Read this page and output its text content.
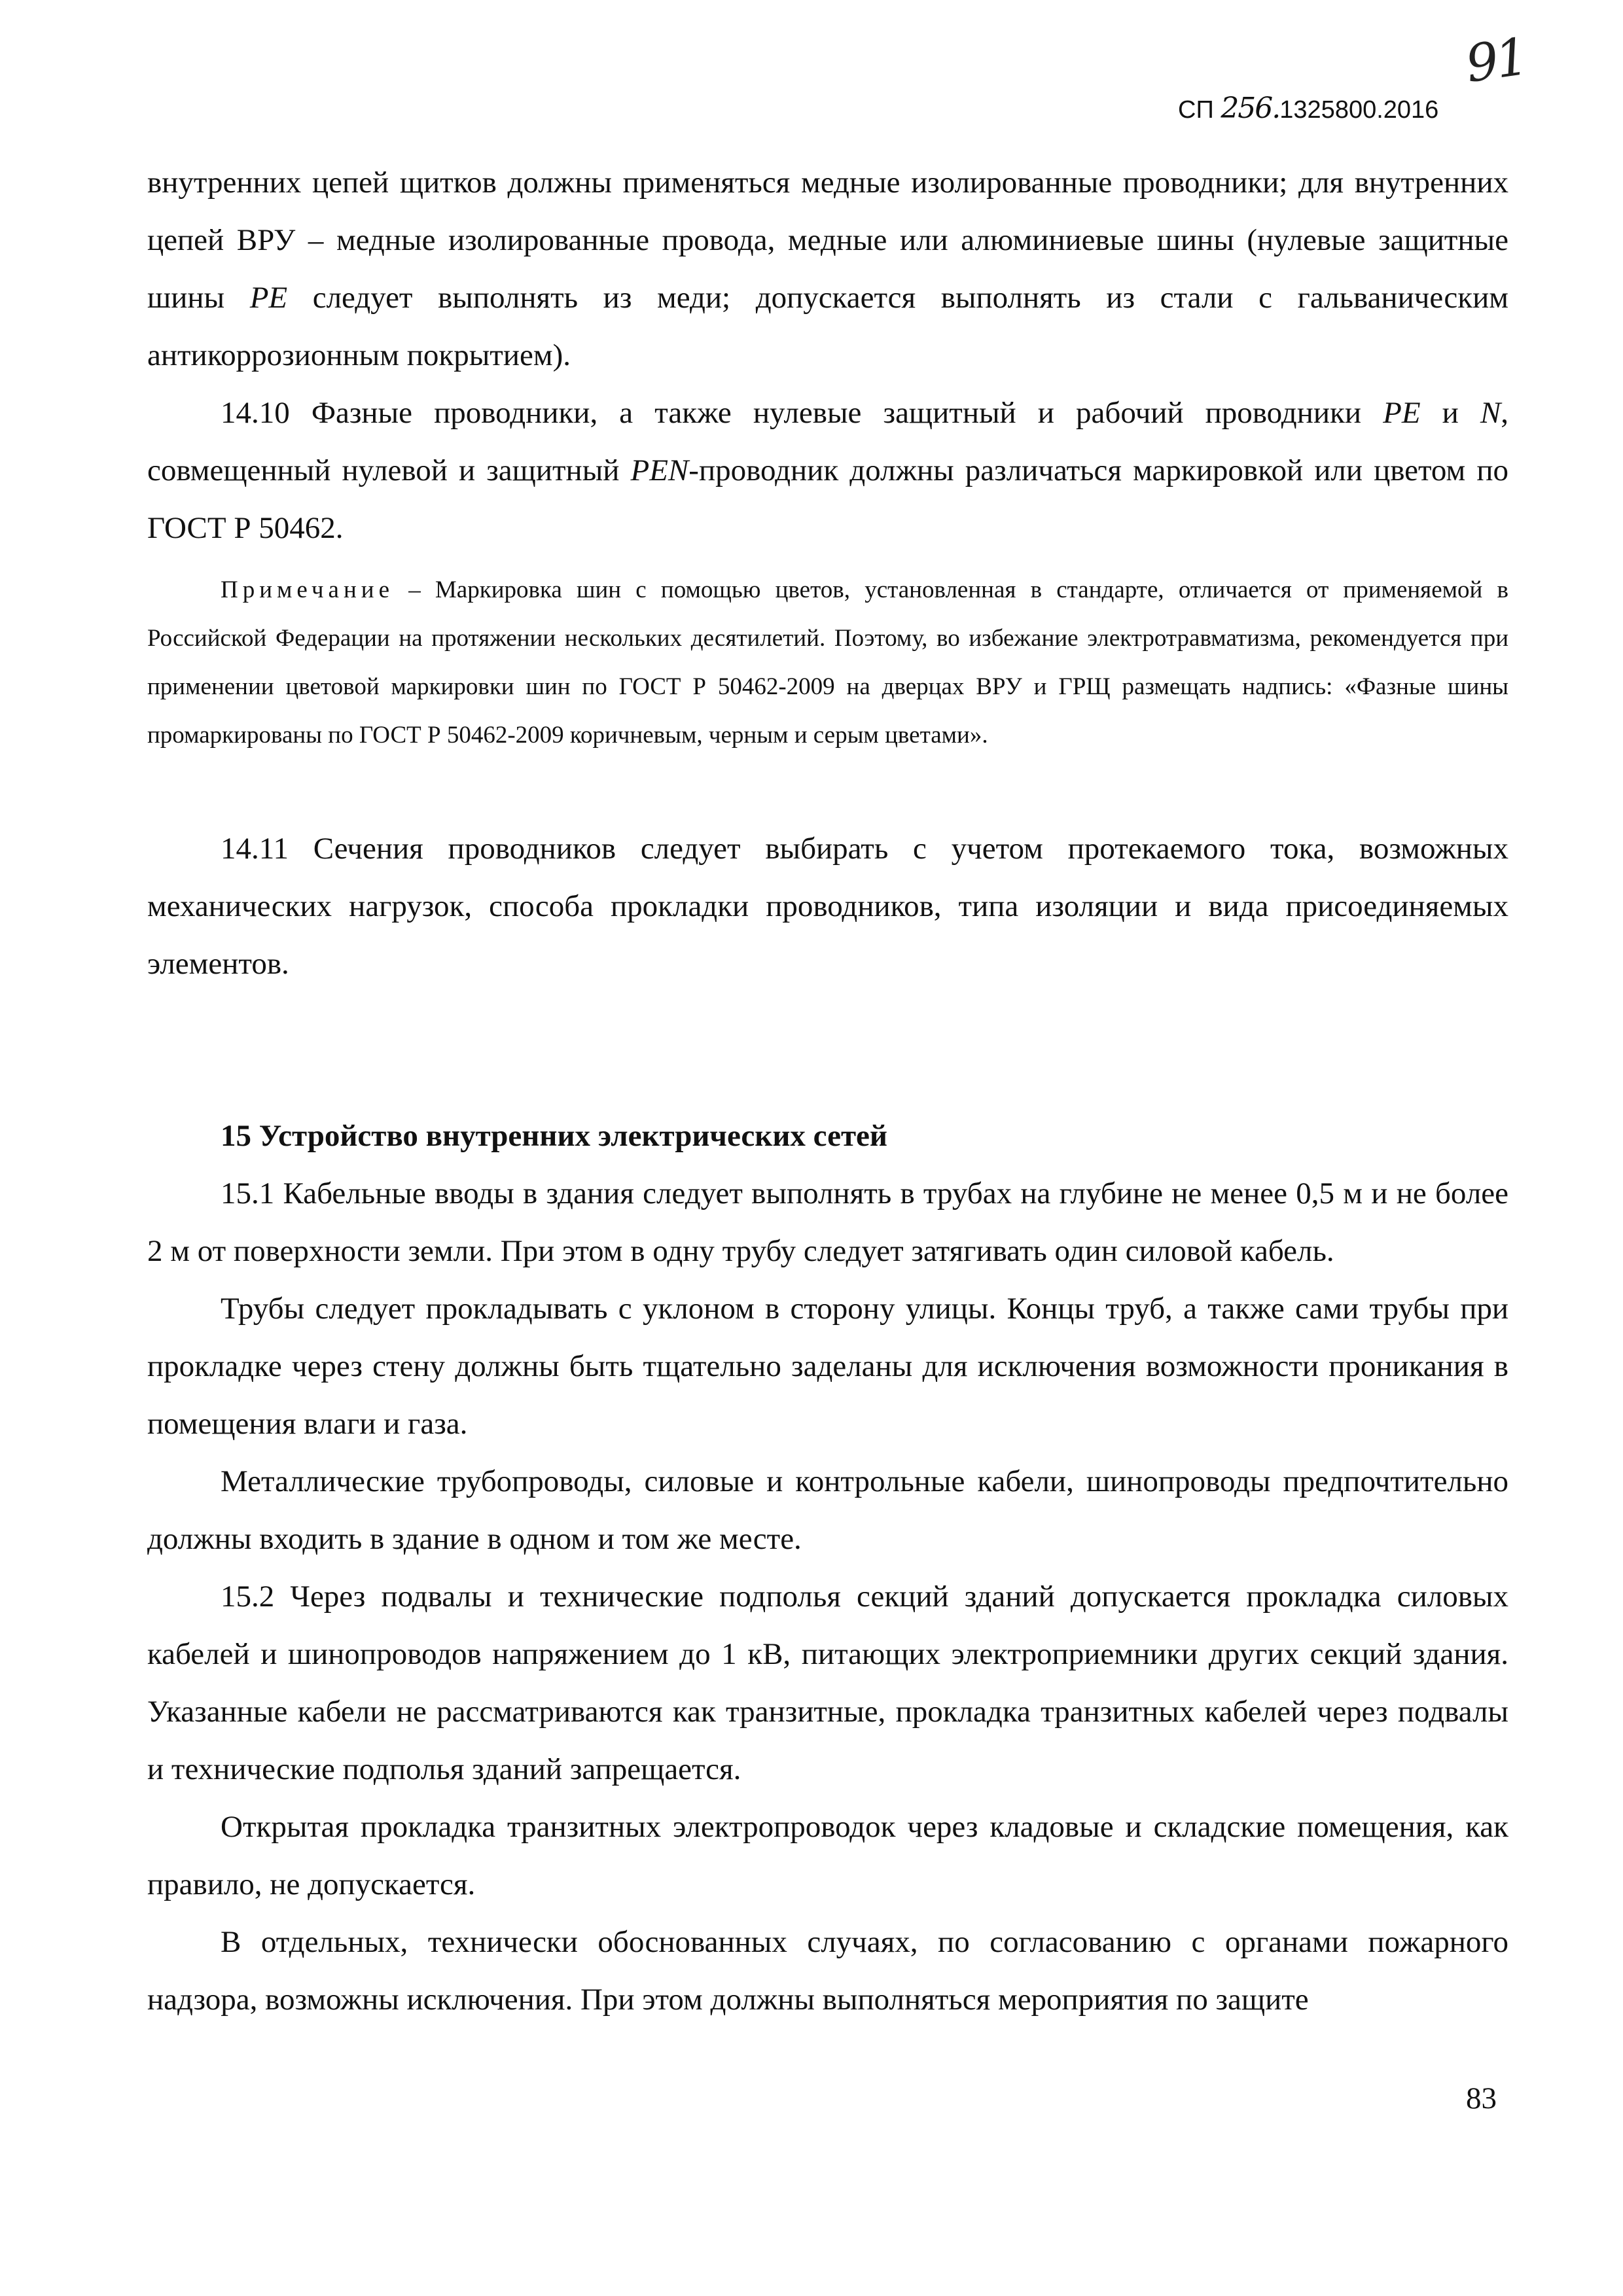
91
СП 256.1325800.2016

внутренних цепей щитков должны применяться медные изолированные проводники; для внутренних цепей ВРУ – медные изолированные провода, медные или алюминиевые шины (нулевые защитные шины PE следует выполнять из меди; допускается выполнять из стали с гальваническим антикоррозионным покрытием).

14.10 Фазные проводники, а также нулевые защитный и рабочий проводники PE и N, совмещенный нулевой и защитный PEN-проводник должны различаться маркировкой или цветом по ГОСТ Р 50462.

Примечание – Маркировка шин с помощью цветов, установленная в стандарте, отличается от применяемой в Российской Федерации на протяжении нескольких десятилетий. Поэтому, во избежание электротравматизма, рекомендуется при применении цветовой маркировки шин по ГОСТ Р 50462-2009 на дверцах ВРУ и ГРЩ размещать надпись: «Фазные шины промаркированы по ГОСТ Р 50462-2009 коричневым, черным и серым цветами».

14.11 Сечения проводников следует выбирать с учетом протекаемого тока, возможных механических нагрузок, способа прокладки проводников, типа изоляции и вида присоединяемых элементов.

15 Устройство внутренних электрических сетей

15.1 Кабельные вводы в здания следует выполнять в трубах на глубине не менее 0,5 м и не более 2 м от поверхности земли. При этом в одну трубу следует затягивать один силовой кабель.

Трубы следует прокладывать с уклоном в сторону улицы. Концы труб, а также сами трубы при прокладке через стену должны быть тщательно заделаны для исключения возможности проникания в помещения влаги и газа.

Металлические трубопроводы, силовые и контрольные кабели, шинопроводы предпочтительно должны входить в здание в одном и том же месте.

15.2 Через подвалы и технические подполья секций зданий допускается прокладка силовых кабелей и шинопроводов напряжением до 1 кВ, питающих электроприемники других секций здания. Указанные кабели не рассматриваются как транзитные, прокладка транзитных кабелей через подвалы и технические подполья зданий запрещается.

Открытая прокладка транзитных электропроводок через кладовые и складские помещения, как правило, не допускается.

В отдельных, технически обоснованных случаях, по согласованию с органами пожарного надзора, возможны исключения. При этом должны выполняться мероприятия по защите

83
